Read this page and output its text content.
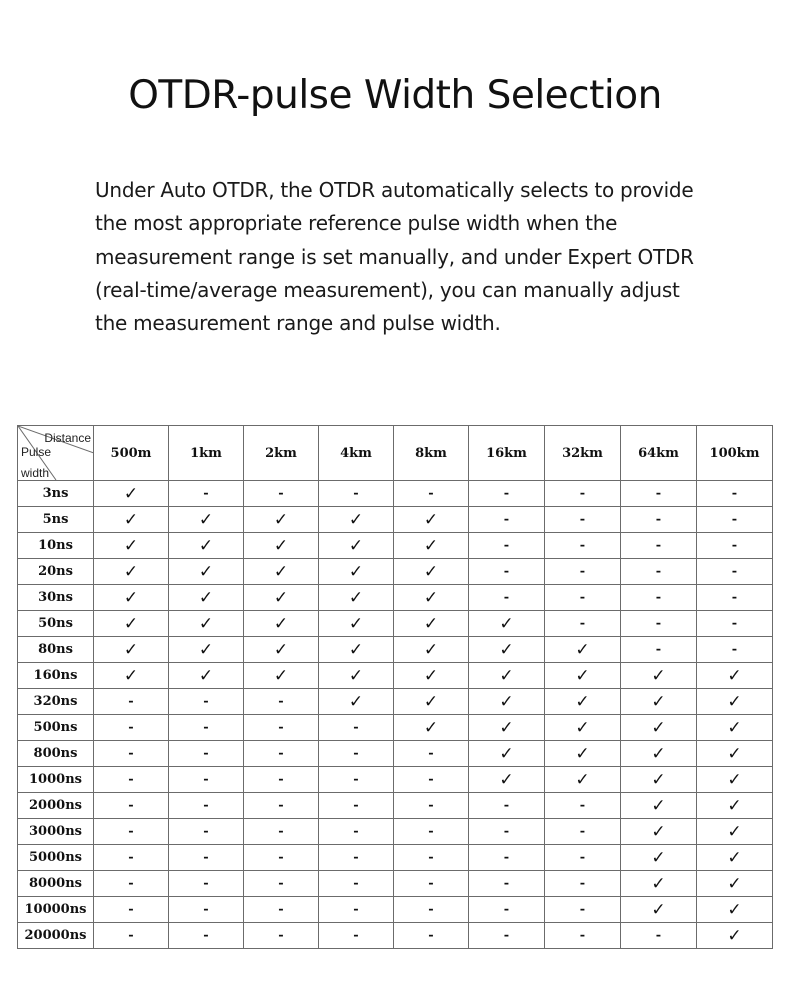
OTDR-pulse Width Selection
Under Auto OTDR, the OTDR automatically selects to provide
the most appropriate reference pulse width when the
measurement range is set manually, and under Expert OTDR
(real-time/average measurement), you can manually adjust
the measurement range and pulse width.
Distance
Pulse
width	500m	1km	2km	4km	8km	16km	32km	64km	100km
3ns	✓	-	-	-	-	-	-	-	-
5ns	✓	✓	✓	✓	✓	-	-	-	-
10ns	✓	✓	✓	✓	✓	-	-	-	-
20ns	✓	✓	✓	✓	✓	-	-	-	-
30ns	✓	✓	✓	✓	✓	-	-	-	-
50ns	✓	✓	✓	✓	✓	✓	-	-	-
80ns	✓	✓	✓	✓	✓	✓	✓	-	-
160ns	✓	✓	✓	✓	✓	✓	✓	✓	✓
320ns	-	-	-	✓	✓	✓	✓	✓	✓
500ns	-	-	-	-	✓	✓	✓	✓	✓
800ns	-	-	-	-	-	✓	✓	✓	✓
1000ns	-	-	-	-	-	✓	✓	✓	✓
2000ns	-	-	-	-	-	-	-	✓	✓
3000ns	-	-	-	-	-	-	-	✓	✓
5000ns	-	-	-	-	-	-	-	✓	✓
8000ns	-	-	-	-	-	-	-	✓	✓
10000ns	-	-	-	-	-	-	-	✓	✓
20000ns	-	-	-	-	-	-	-	-	✓
